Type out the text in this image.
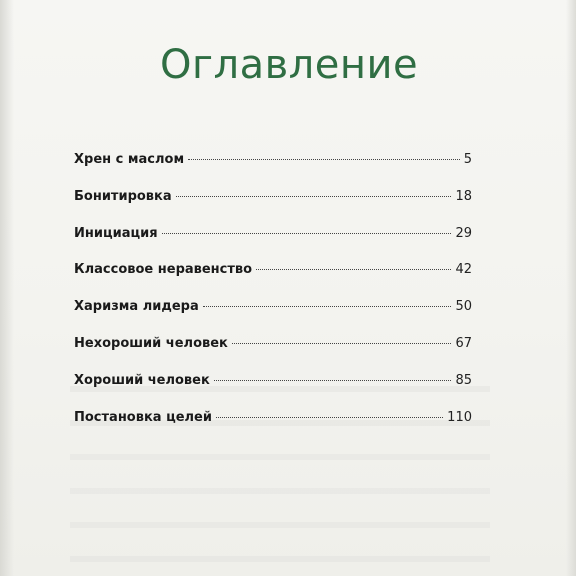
Оглавление
Хрен с маслом	5
Бонитировка	18
Инициация	29
Классовое неравенство	42
Харизма лидера	50
Нехороший человек	67
Хороший человек	85
Постановка целей	110
